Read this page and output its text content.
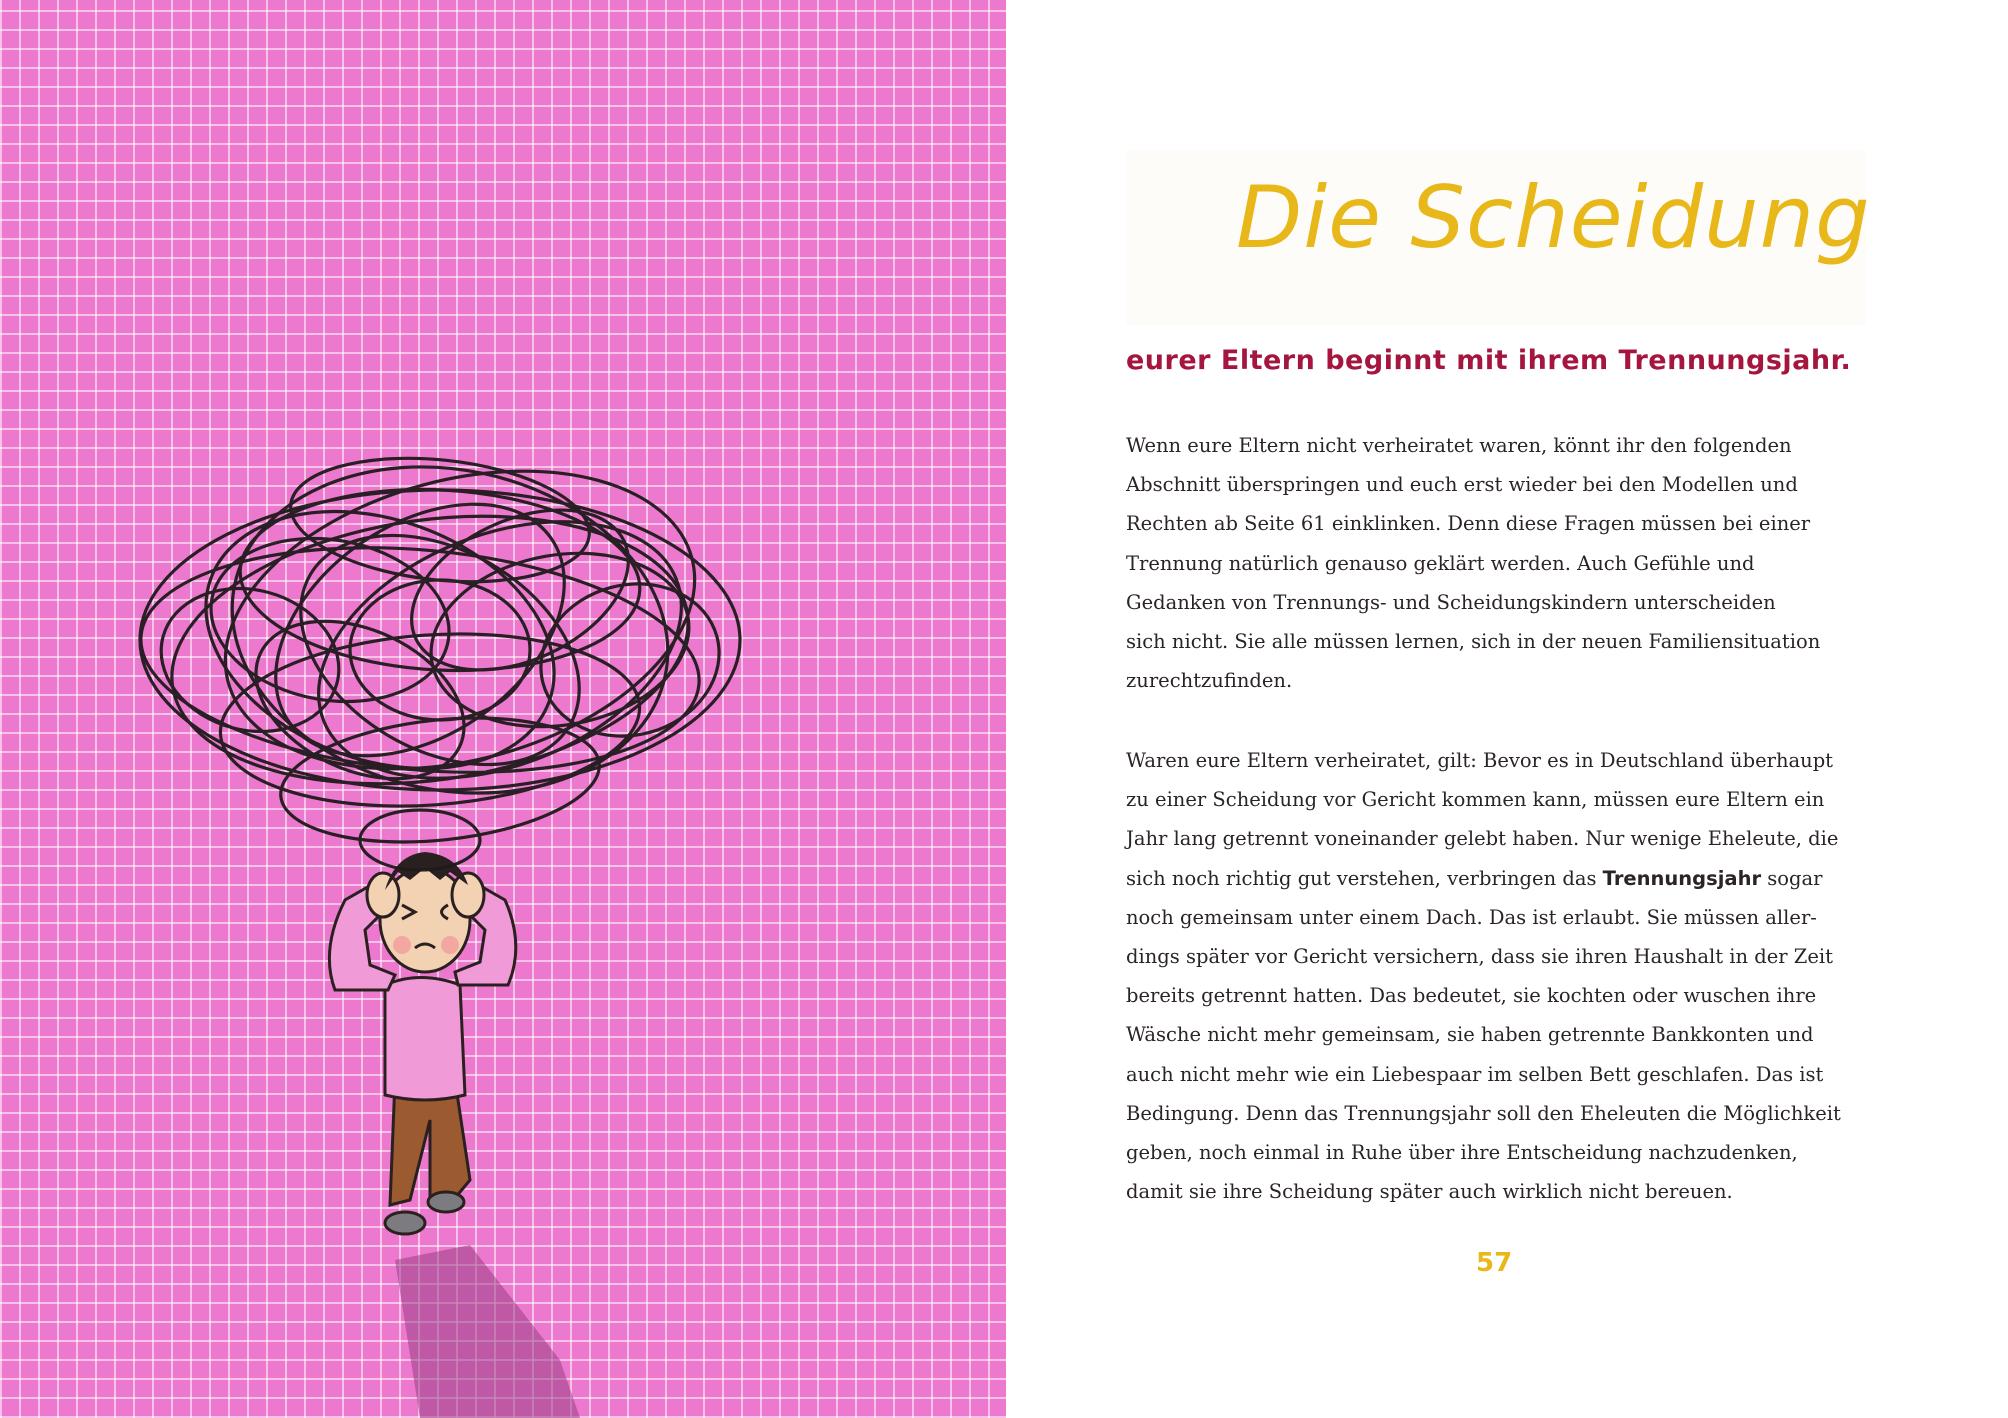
Die Scheidung
eurer Eltern beginnt mit ihrem Trennungsjahr.
Wenn eure Eltern nicht verheiratet waren, könnt ihr den folgenden
Abschnitt überspringen und euch erst wieder bei den Modellen und
Rechten ab Seite 61 einklinken. Denn diese Fragen müssen bei einer
Trennung natürlich genauso geklärt werden. Auch Gefühle und
Gedanken von Trennungs- und Scheidungskindern unterscheiden
sich nicht. Sie alle müssen lernen, sich in der neuen Familiensituation
zurechtzufinden.
Waren eure Eltern verheiratet, gilt: Bevor es in Deutschland überhaupt
zu einer Scheidung vor Gericht kommen kann, müssen eure Eltern ein
Jahr lang getrennt voneinander gelebt haben. Nur wenige Eheleute, die
sich noch richtig gut verstehen, verbringen das Trennungsjahr sogar
noch gemeinsam unter einem Dach. Das ist erlaubt. Sie müssen aller-
dings später vor Gericht versichern, dass sie ihren Haushalt in der Zeit
bereits getrennt hatten. Das bedeutet, sie kochten oder wuschen ihre
Wäsche nicht mehr gemeinsam, sie haben getrennte Bankkonten und
auch nicht mehr wie ein Liebespaar im selben Bett geschlafen. Das ist
Bedingung. Denn das Trennungsjahr soll den Eheleuten die Möglichkeit
geben, noch einmal in Ruhe über ihre Entscheidung nachzudenken,
damit sie ihre Scheidung später auch wirklich nicht bereuen.
57
